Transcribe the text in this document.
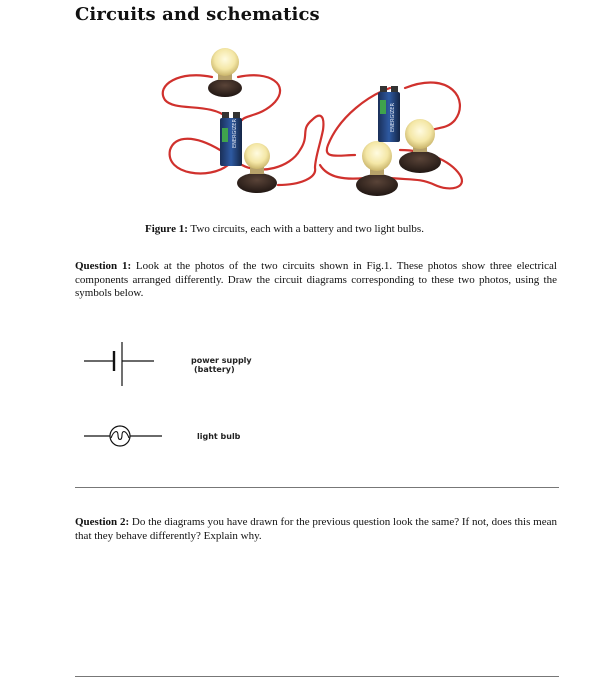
Circuits and schematics
ENERGIZER
ENERGIZER
Figure 1: Two circuits, each with a battery and two light bulbs.
Question 1: Look at the photos of the two circuits shown in Fig.1. These photos show three electrical components arranged differently. Draw the circuit diagrams corresponding to these two photos, using the symbols below.
power supply
(battery)
light bulb
Question 2: Do the diagrams you have drawn for the previous question look the same? If not, does this mean that they behave differently? Explain why.
